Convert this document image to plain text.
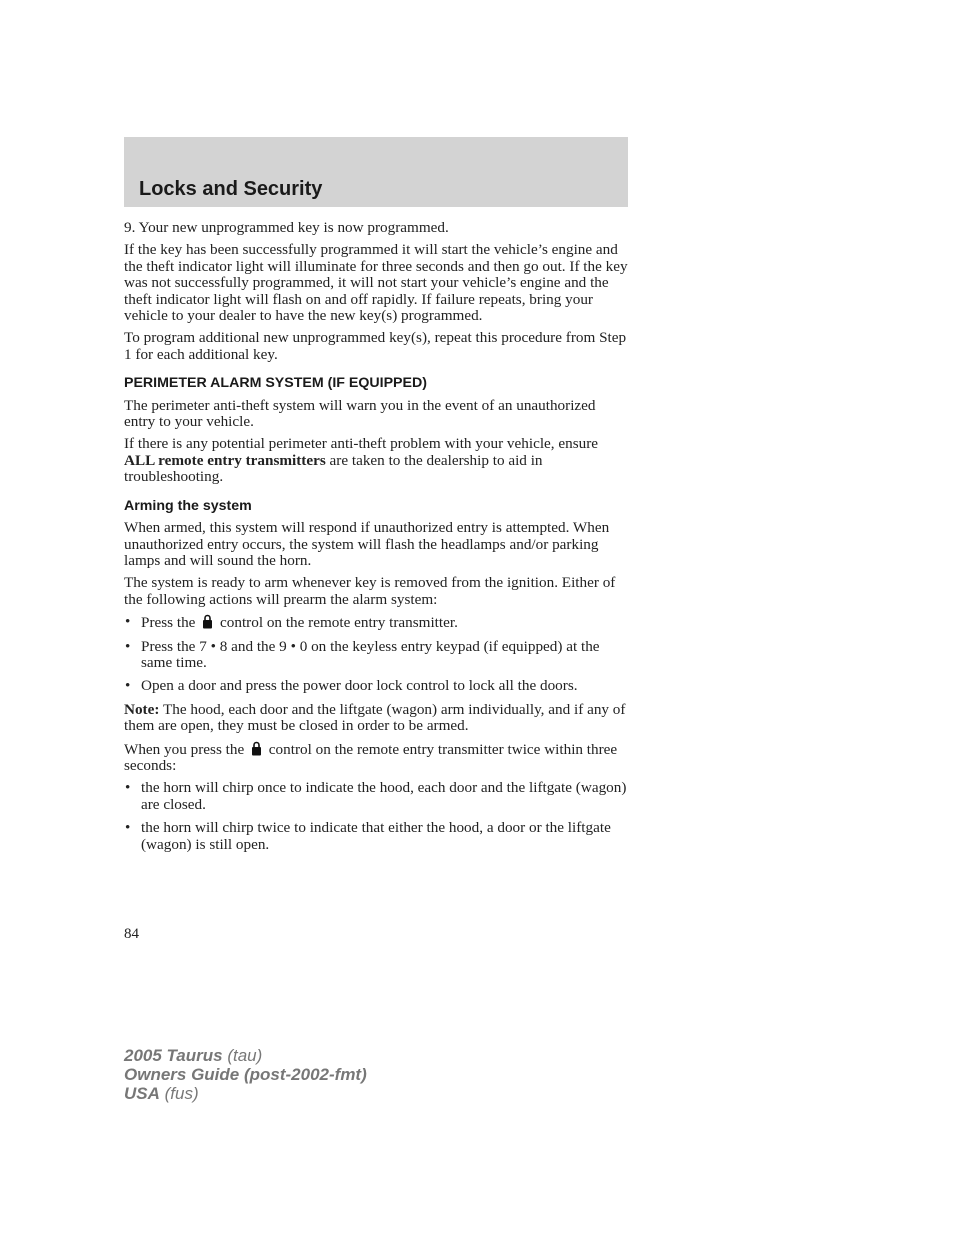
Locks and Security

9. Your new unprogrammed key is now programmed.

If the key has been successfully programmed it will start the vehicle’s engine and the theft indicator light will illuminate for three seconds and then go out. If the key was not successfully programmed, it will not start your vehicle’s engine and the theft indicator light will flash on and off rapidly. If failure repeats, bring your vehicle to your dealer to have the new key(s) programmed.

To program additional new unprogrammed key(s), repeat this procedure from Step 1 for each additional key.

PERIMETER ALARM SYSTEM (IF EQUIPPED)

The perimeter anti-theft system will warn you in the event of an unauthorized entry to your vehicle.

If there is any potential perimeter anti-theft problem with your vehicle, ensure ALL remote entry transmitters are taken to the dealership to aid in troubleshooting.

Arming the system

When armed, this system will respond if unauthorized entry is attempted. When unauthorized entry occurs, the system will flash the headlamps and/or parking lamps and will sound the horn.

The system is ready to arm whenever key is removed from the ignition. Either of the following actions will prearm the alarm system:

• Press the control on the remote entry transmitter.
• Press the 7 • 8 and the 9 • 0 on the keyless entry keypad (if equipped) at the same time.
• Open a door and press the power door lock control to lock all the doors.

Note: The hood, each door and the liftgate (wagon) arm individually, and if any of them are open, they must be closed in order to be armed.

When you press the control on the remote entry transmitter twice within three seconds:

• the horn will chirp once to indicate the hood, each door and the liftgate (wagon) are closed.
• the horn will chirp twice to indicate that either the hood, a door or the liftgate (wagon) is still open.
84
2005 Taurus (tau)
Owners Guide (post-2002-fmt)
USA (fus)
